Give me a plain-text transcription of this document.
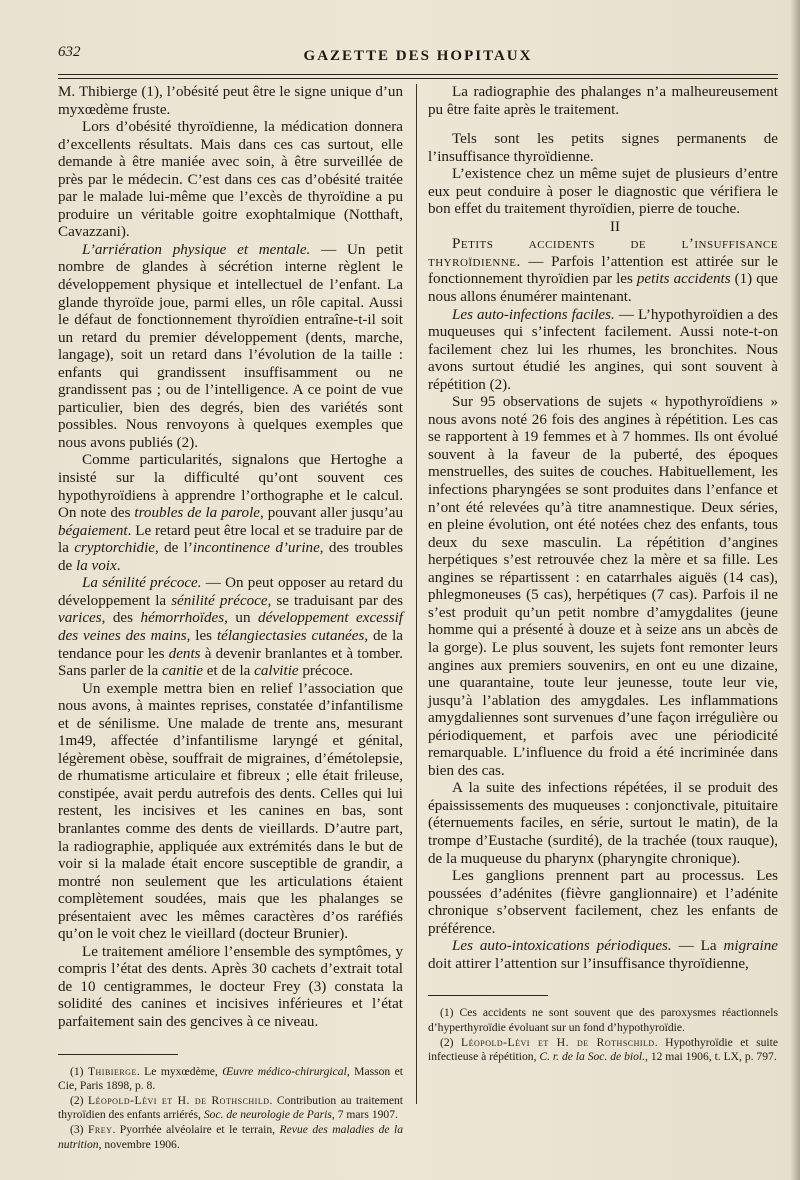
632	GAZETTE DES HOPITAUX

M. Thibierge (1), l’obésité peut être le signe unique d’un myxœdème fruste.

Lors d’obésité thyroïdienne, la médication donnera d’excellents résultats. Mais dans ces cas surtout, elle demande à être maniée avec soin, à être surveillée de près par le médecin. C’est dans ces cas d’obésité traitée par le malade lui-même que l’excès de thyroïdine a pu produire un véritable goitre exophtalmique (Notthaft, Cavazzani).

L’arriération physique et mentale. — Un petit nombre de glandes à sécrétion interne règlent le développement physique et intellectuel de l’enfant. La glande thyroïde joue, parmi elles, un rôle capital. Aussi le défaut de fonctionnement thyroïdien entraîne-t-il soit un retard du premier développement (dents, marche, langage), soit un retard dans l’évolution de la taille : enfants qui grandissent insuffisamment ou ne grandissent pas ; ou de l’intelligence. A ce point de vue particulier, bien des degrés, bien des variétés sont possibles. Nous renvoyons à quelques exemples que nous avons publiés (2).

Comme particularités, signalons que Hertoghe a insisté sur la difficulté qu’ont souvent ces hypothyroïdiens à apprendre l’orthographe et le calcul. On note des troubles de la parole, pouvant aller jusqu’au bégaiement. Le retard peut être local et se traduire par de la cryptorchidie, de l’incontinence d’urine, des troubles de la voix.

La sénilité précoce. — On peut opposer au retard du développement la sénilité précoce, se traduisant par des varices, des hémorrhoïdes, un développement excessif des veines des mains, les télangiectasies cutanées, de la tendance pour les dents à devenir branlantes et à tomber. Sans parler de la canitie et de la calvitie précoce.

Un exemple mettra bien en relief l’association que nous avons, à maintes reprises, constatée d’infantilisme et de sénilisme. Une malade de trente ans, mesurant 1m49, affectée d’infantilisme laryngé et génital, légèrement obèse, souffrait de migraines, d’émétolepsie, de rhumatisme articulaire et fibreux ; elle était frileuse, constipée, avait perdu autrefois des dents. Celles qui lui restent, les incisives et les canines en bas, sont branlantes comme des dents de vieillards. D’autre part, la radiographie, appliquée aux extrémités dans le but de voir si la malade était encore susceptible de grandir, a montré non seulement que les articulations étaient complètement soudées, mais que les phalanges se présentaient avec les mêmes caractères d’os raréfiés qu’on le voit chez le vieillard (docteur Brunier).

Le traitement améliore l’ensemble des symptômes, y compris l’état des dents. Après 30 cachets d’extrait total de 10 centigrammes, le docteur Frey (3) constata la solidité des canines et incisives inférieures et l’état parfaitement sain des gencives à ce niveau.

(1) Thibierge. Le myxœdème, Œuvre médico-chirurgical, Masson et Cie, Paris 1898, p. 8.

(2) Léopold-Lévi et H. de Rothschild. Contribution au traitement thyroïdien des enfants arriérés, Soc. de neurologie de Paris, 7 mars 1907.

(3) Frey. Pyorrhée alvéolaire et le terrain, Revue des maladies de la nutrition, novembre 1906.

La radiographie des phalanges n’a malheureusement pu être faite après le traitement.

Tels sont les petits signes permanents de l’insuffisance thyroïdienne.

L’existence chez un même sujet de plusieurs d’entre eux peut conduire à poser le diagnostic que vérifiera le bon effet du traitement thyroïdien, pierre de touche.

II

Petits accidents de l’insuffisance thyroïdienne. — Parfois l’attention est attirée sur le fonctionnement thyroïdien par les petits accidents (1) que nous allons énumérer maintenant.

Les auto-infections faciles. — L’hypothyroïdien a des muqueuses qui s’infectent facilement. Aussi note-t-on facilement chez lui les rhumes, les bronchites. Nous avons surtout étudié les angines, qui sont souvent à répétition (2).

Sur 95 observations de sujets « hypothyroïdiens » nous avons noté 26 fois des angines à répétition. Les cas se rapportent à 19 femmes et à 7 hommes. Ils ont évolué souvent à la faveur de la puberté, des époques menstruelles, des suites de couches. Habituellement, les infections pharyngées se sont produites dans l’enfance et n’ont été relevées qu’à titre anamnestique. Deux séries, en pleine évolution, ont été notées chez des enfants, tous deux du sexe masculin. La répétition d’angines herpétiques s’est retrouvée chez la mère et sa fille. Les angines se répartissent : en catarrhales aiguës (14 cas), phlegmoneuses (5 cas), herpétiques (7 cas). Parfois il ne s’est produit qu’un petit nombre d’amygdalites (jeune homme qui a présenté à douze et à seize ans un abcès de la gorge). Le plus souvent, les sujets font remonter leurs angines aux premiers souvenirs, en ont eu une dizaine, une quarantaine, toute leur jeunesse, toute leur vie, jusqu’à l’ablation des amygdales. Les inflammations amygdaliennes sont survenues d’une façon irrégulière ou périodiquement, et parfois avec une périodicité remarquable. L’influence du froid a été incriminée dans bien des cas.

A la suite des infections répétées, il se produit des épaississements des muqueuses : conjonctivale, pituitaire (éternuements faciles, en série, surtout le matin), de la trompe d’Eustache (surdité), de la trachée (toux rauque), de la muqueuse du pharynx (pharyngite chronique).

Les ganglions prennent part au processus. Les poussées d’adénites (fièvre ganglionnaire) et l’adénite chronique s’observent facilement, chez les enfants de préférence.

Les auto-intoxications périodiques. — La migraine doit attirer l’attention sur l’insuffisance thyroïdienne,

(1) Ces accidents ne sont souvent que des paroxysmes réactionnels d’hyperthyroïdie évoluant sur un fond d’hypothyroïdie.

(2) Léopold-Lévi et H. de Rothschild. Hypothyroïdie et suite infectieuse à répétition, C. r. de la Soc. de biol., 12 mai 1906, t. LX, p. 797.
